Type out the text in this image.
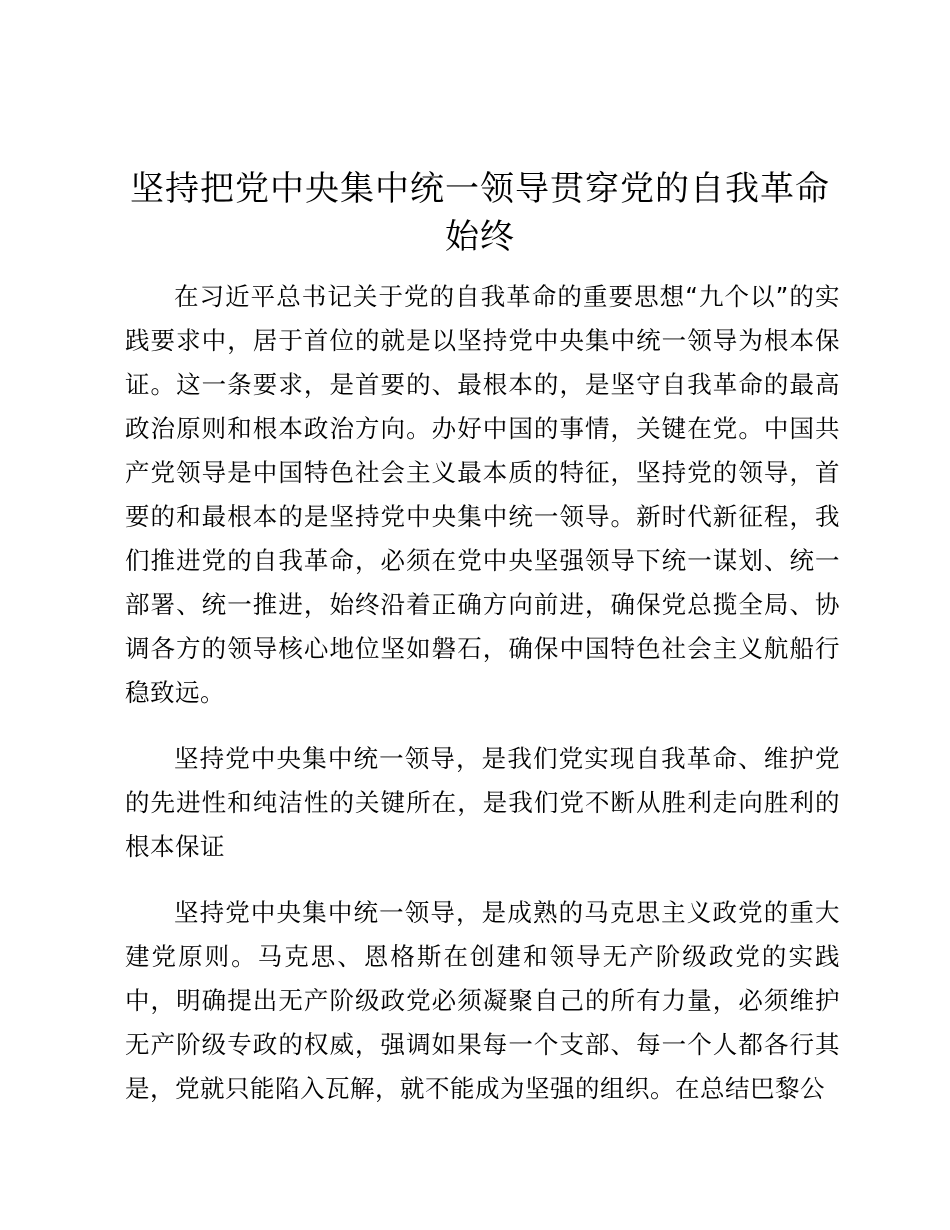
坚持把党中央集中统一领导贯穿党的自我革命
始终

在习近平总书记关于党的自我革命的重要思想“九个以”的实践要求中，居于首位的就是以坚持党中央集中统一领导为根本保证。这一条要求，是首要的、最根本的，是坚守自我革命的最高政治原则和根本政治方向。办好中国的事情，关键在党。中国共产党领导是中国特色社会主义最本质的特征，坚持党的领导，首要的和最根本的是坚持党中央集中统一领导。新时代新征程，我们推进党的自我革命，必须在党中央坚强领导下统一谋划、统一部署、统一推进，始终沿着正确方向前进，确保党总揽全局、协调各方的领导核心地位坚如磐石，确保中国特色社会主义航船行稳致远。

坚持党中央集中统一领导，是我们党实现自我革命、维护党的先进性和纯洁性的关键所在，是我们党不断从胜利走向胜利的根本保证

坚持党中央集中统一领导，是成熟的马克思主义政党的重大建党原则。马克思、恩格斯在创建和领导无产阶级政党的实践中，明确提出无产阶级政党必须凝聚自己的所有力量，必须维护无产阶级专政的权威，强调如果每一个支部、每一个人都各行其是，党就只能陷入瓦解，就不能成为坚强的组织。在总结巴黎公
